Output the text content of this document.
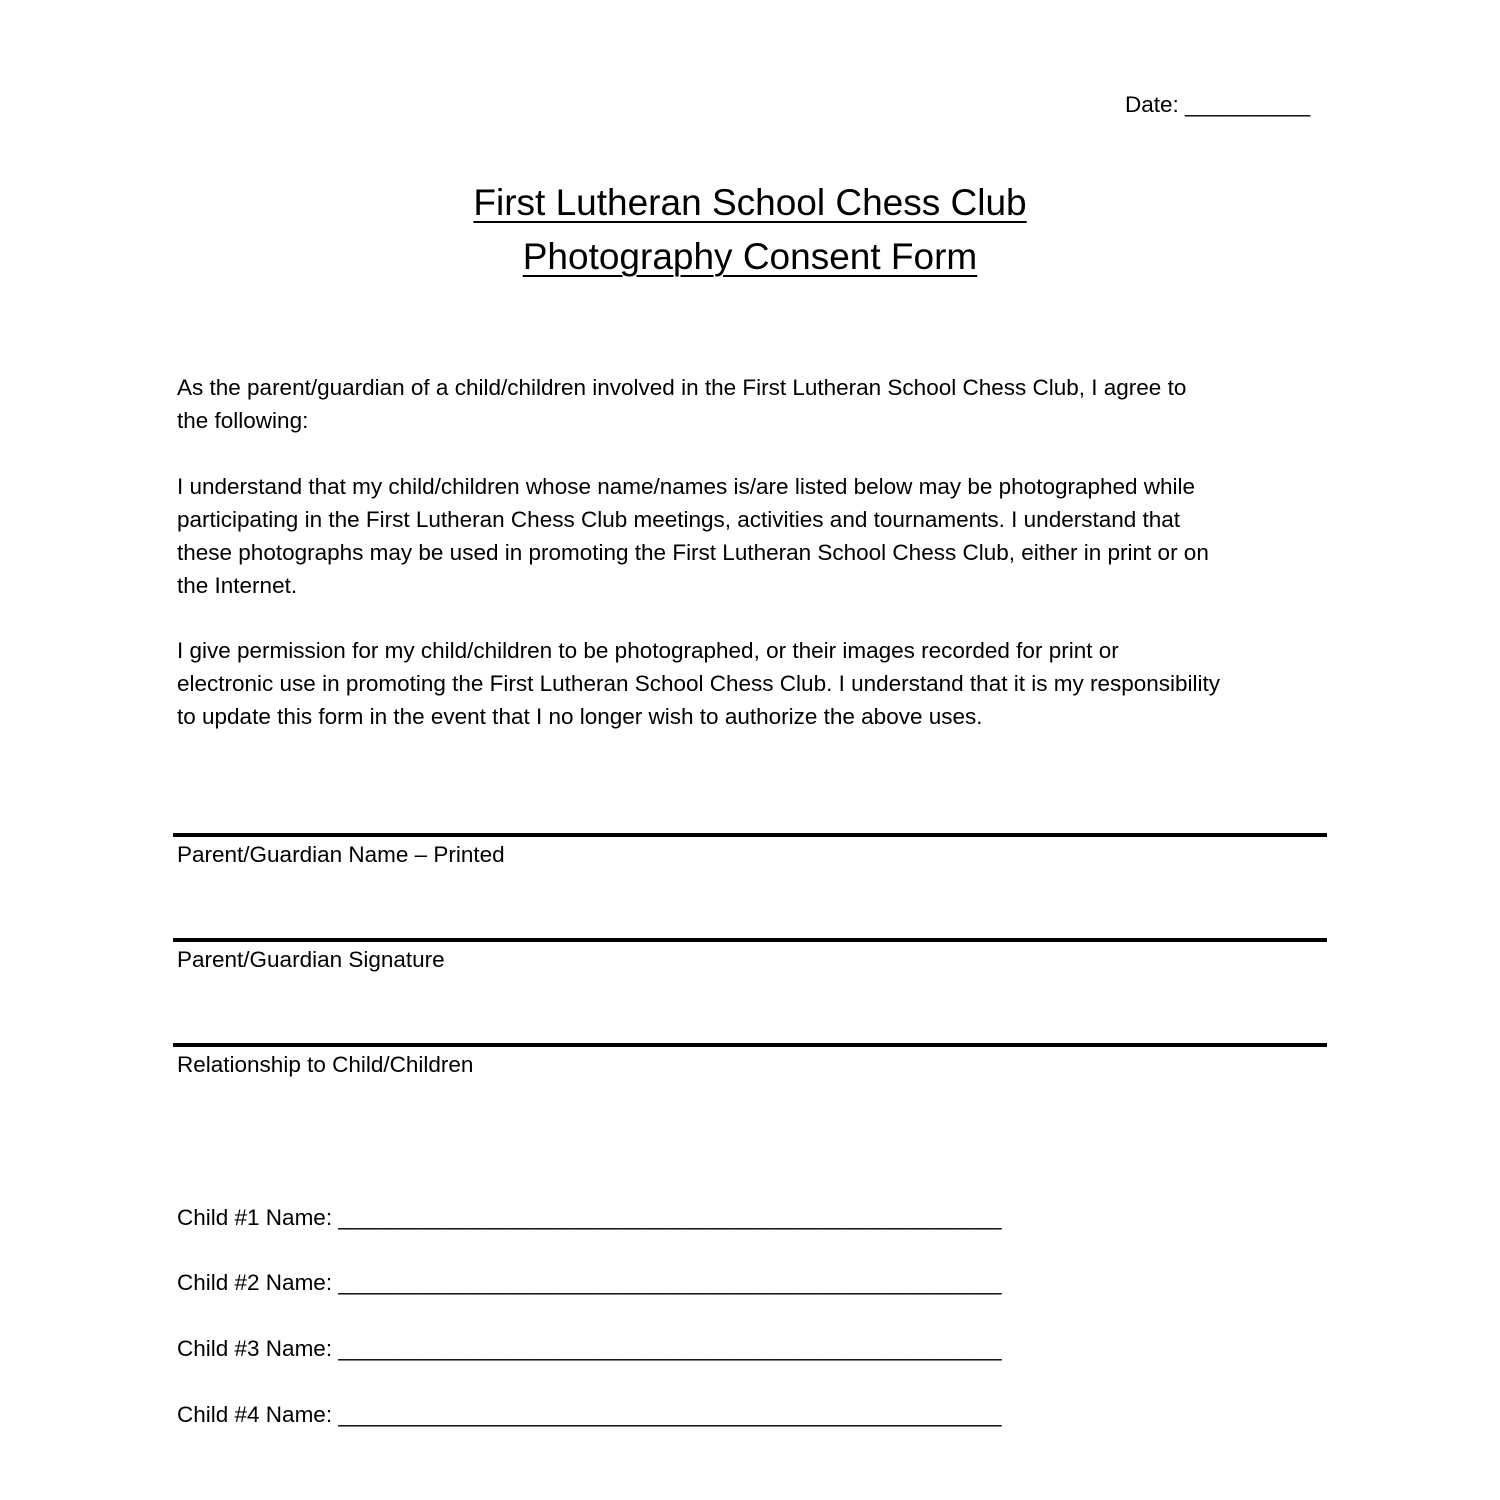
Date: __________
First Lutheran School Chess Club
Photography Consent Form
As the parent/guardian of a child/children involved in the First Lutheran School Chess Club, I agree to
the following:
I understand that my child/children whose name/names is/are listed below may be photographed while
participating in the First Lutheran Chess Club meetings, activities and tournaments. I understand that
these photographs may be used in promoting the First Lutheran School Chess Club, either in print or on
the Internet.
I give permission for my child/children to be photographed, or their images recorded for print or
electronic use in promoting the First Lutheran School Chess Club. I understand that it is my responsibility
to update this form in the event that I no longer wish to authorize the above uses.
Parent/Guardian Name – Printed
Parent/Guardian Signature
Relationship to Child/Children
Child #1 Name: _____________________________________________________
Child #2 Name: _____________________________________________________
Child #3 Name: _____________________________________________________
Child #4 Name: _____________________________________________________
